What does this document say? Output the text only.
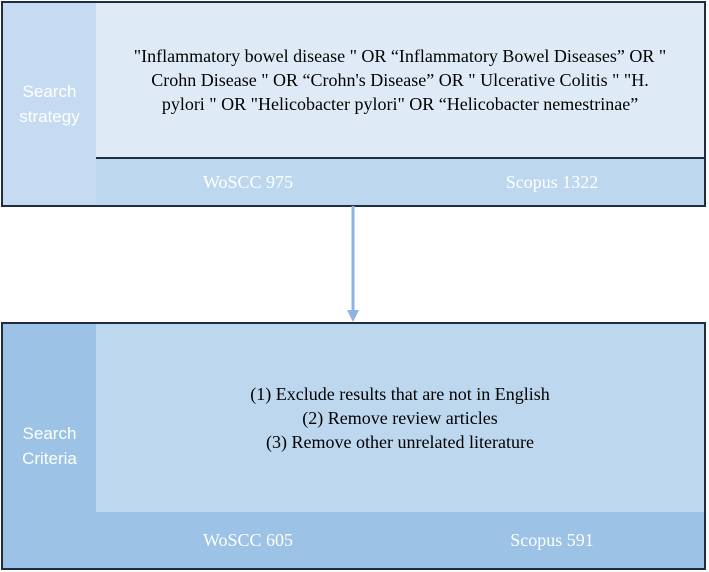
Search
strategy
"Inflammatory bowel disease " OR “Inflammatory Bowel Diseases” OR "
Crohn Disease " OR “Crohn's Disease” OR " Ulcerative Colitis " "H.
pylori " OR "Helicobacter pylori" OR “Helicobacter nemestrinae”
WoSCC 975	Scopus 1322
Search
Criteria
(1) Exclude results that are not in English
(2) Remove review articles
(3) Remove other unrelated literature
WoSCC 605	Scopus 591
